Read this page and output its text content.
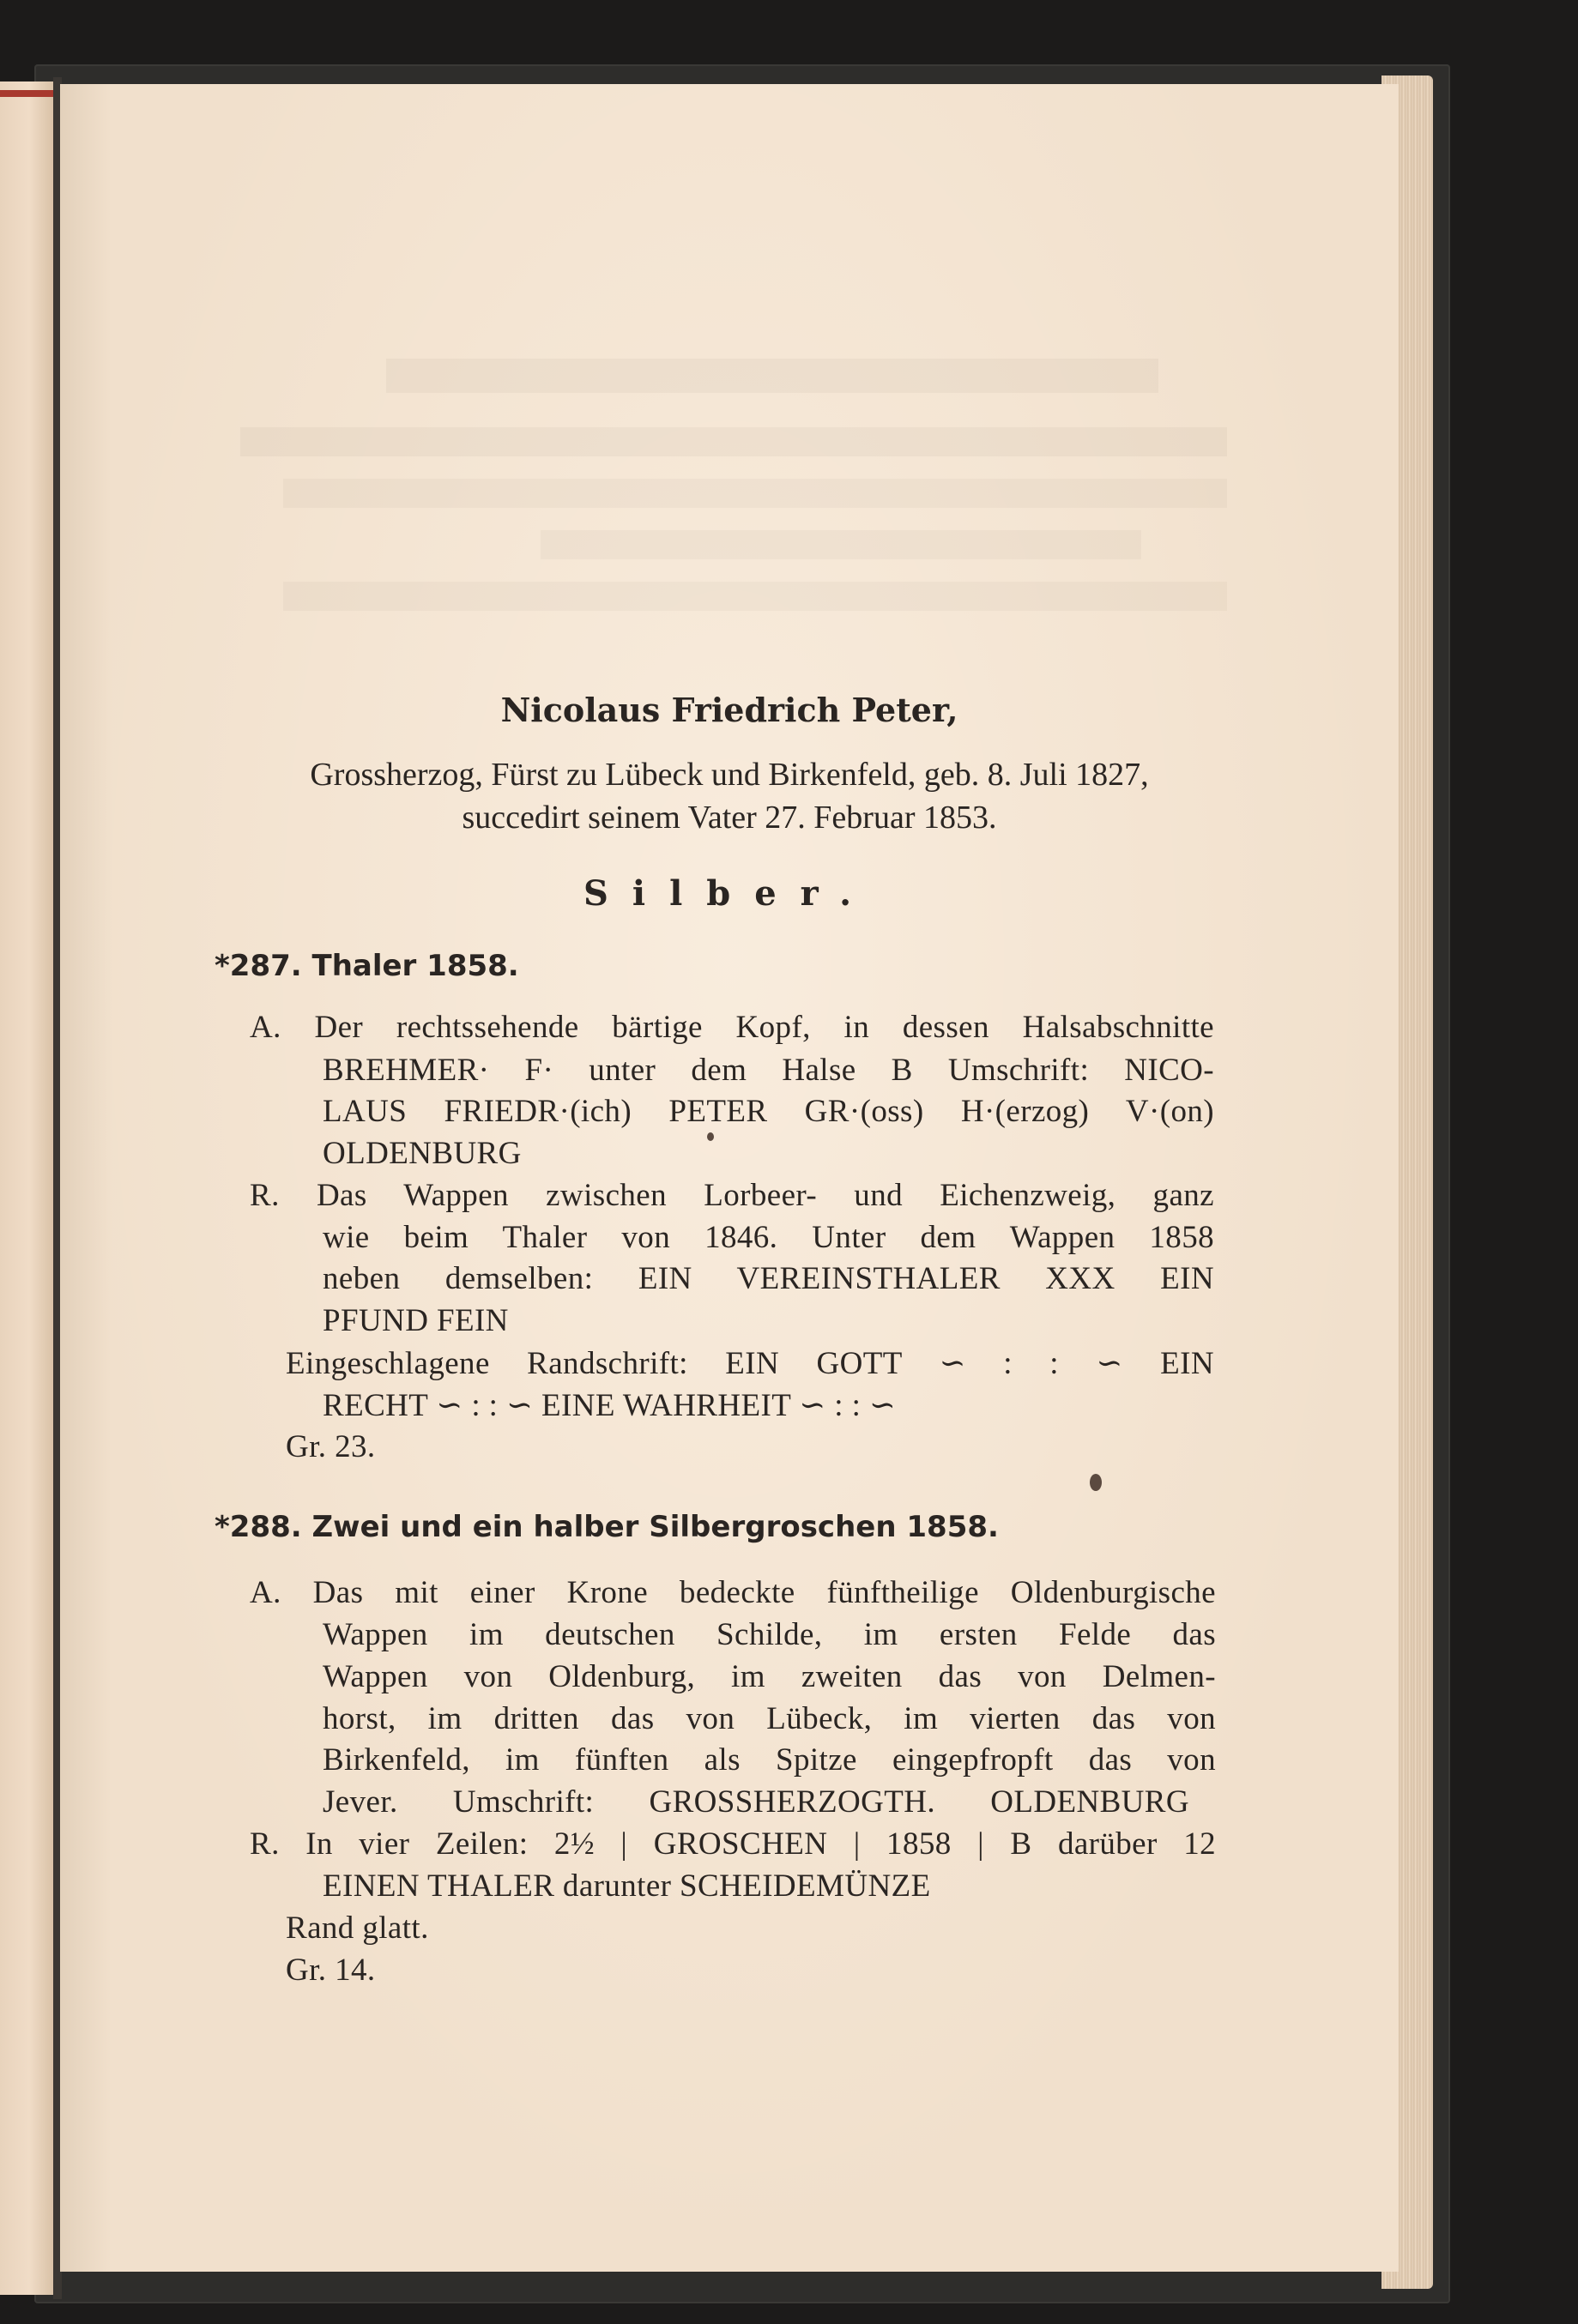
Nicolaus Friedrich Peter,
Grossherzog, Fürst zu Lübeck und Birkenfeld, geb. 8. Juli 1827,
succedirt seinem Vater 27. Februar 1853.
Silber.
*287. Thaler 1858.
A. Der rechtssehende bärtige Kopf, in dessen Halsabschnitte
BREHMER· F· unter dem Halse B Umschrift: NICO-
LAUS FRIEDR·(ich) PETER GR·(oss) H·(erzog) V·(on)
OLDENBURG
R. Das Wappen zwischen Lorbeer- und Eichenzweig, ganz
wie beim Thaler von 1846. Unter dem Wappen 1858
neben demselben: EIN VEREINSTHALER XXX EIN
PFUND FEIN
Eingeschlagene Randschrift: EIN GOTT ∽ : : ∽ EIN
RECHT ∽ : : ∽ EINE WAHRHEIT ∽ : : ∽
Gr. 23.
*288. Zwei und ein halber Silbergroschen 1858.
A. Das mit einer Krone bedeckte fünftheilige Oldenburgische
Wappen im deutschen Schilde, im ersten Felde das
Wappen von Oldenburg, im zweiten das von Delmen-
horst, im dritten das von Lübeck, im vierten das von
Birkenfeld, im fünften als Spitze eingepfropft das von
Jever. Umschrift: GROSSHERZOGTH. OLDENBURG
R. In vier Zeilen: 2½ | GROSCHEN | 1858 | B darüber 12
EINEN THALER darunter SCHEIDEMÜNZE
Rand glatt.
Gr. 14.
